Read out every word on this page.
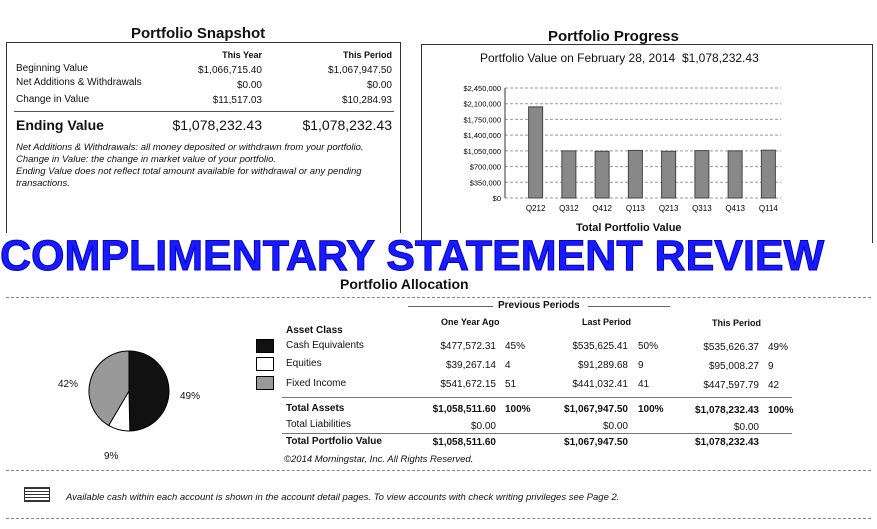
Portfolio Snapshot
This Year	This Period
Beginning Value	$1,066,715.40	$1,067,947.50
Net Additions & Withdrawals	$0.00	$0.00
Change in Value	$11,517.03	$10,284.93
Ending Value	$1,078,232.43	$1,078,232.43
Net Additions & Withdrawals: all money deposited or withdrawn from your portfolio.
Change in Value: the change in market value of your portfolio.
Ending Value does not reflect total amount available for withdrawal or any pending
transactions.
Portfolio Progress
Portfolio Value on February 28, 2014 $1,078,232.43
$2,450,000
$2,100,000
$1,750,000
$1,400,000
$1,050,000
$700,000
$350,000
$0
Q212 Q312 Q412 Q113 Q213 Q313 Q413 Q114
Total Portfolio Value
COMPLIMENTARY STATEMENT REVIEW
Portfolio Allocation
Previous Periods
One Year Ago	Last Period	This Period
Asset Class
Cash Equivalents	$477,572.31 45%	$535,625.41 50%	$535,626.37 49%
Equities	$39,267.14 4	$91,289.68 9	$95,008.27 9
Fixed Income	$541,672.15 51	$441,032.41 41	$447,597.79 42
Total Assets	$1,058,511.60 100%	$1,067,947.50 100%	$1,078,232.43 100%
Total Liabilities	$0.00	$0.00	$0.00
Total Portfolio Value	$1,058,511.60	$1,067,947.50	$1,078,232.43
©2014 Morningstar, Inc. All Rights Reserved.
42%
49%
9%
Available cash within each account is shown in the account detail pages. To view accounts with check writing privileges see Page 2.
